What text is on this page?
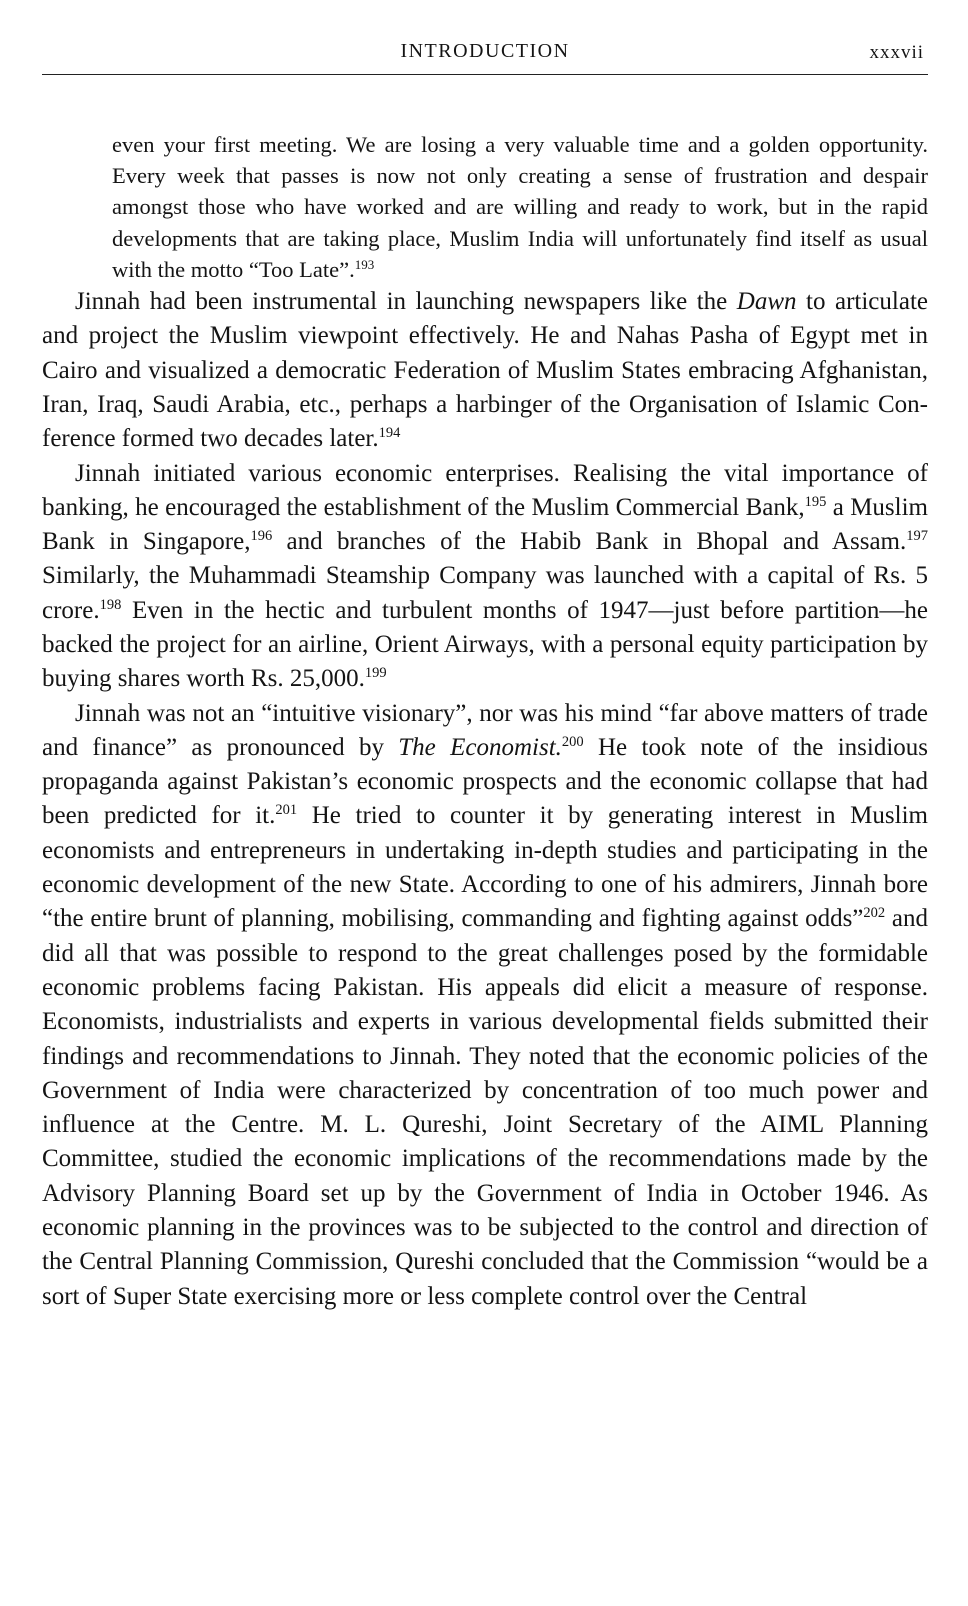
INTRODUCTION	xxxvii

even your first meeting. We are losing a very valuable time and a golden opportunity. Every week that passes is now not only creating a sense of frustration and despair amongst those who have worked and are willing and ready to work, but in the rapid developments that are taking place, Muslim India will unfortunately find itself as usual with the motto “Too Late”.$^{193}$

Jinnah had been instrumental in launching newspapers like the Dawn to articulate and project the Muslim viewpoint effectively. He and Nahas Pasha of Egypt met in Cairo and visualized a democratic Federation of Muslim States embracing Afghanistan, Iran, Iraq, Saudi Arabia, etc., perhaps a harbinger of the Organisation of Islamic Conference formed two decades later.$^{194}$

Jinnah initiated various economic enterprises. Realising the vital importance of banking, he encouraged the establishment of the Muslim Commercial Bank,$^{195}$ a Muslim Bank in Singapore,$^{196}$ and branches of the Habib Bank in Bhopal and Assam.$^{197}$ Similarly, the Muhammadi Steamship Company was launched with a capital of Rs. 5 crore.$^{198}$ Even in the hectic and turbulent months of 1947—just before partition—he backed the project for an airline, Orient Airways, with a personal equity participation by buying shares worth Rs. 25,000.$^{199}$

Jinnah was not an “intuitive visionary”, nor was his mind “far above matters of trade and finance” as pronounced by The Economist.$^{200}$ He took note of the insidious propaganda against Pakistan’s economic prospects and the economic collapse that had been predicted for it.$^{201}$ He tried to counter it by generating interest in Muslim economists and entrepreneurs in undertaking in-depth studies and participating in the economic development of the new State. According to one of his admirers, Jinnah bore “the entire brunt of planning, mobilising, commanding and fighting against odds”$^{202}$ and did all that was possible to respond to the great challenges posed by the formidable economic problems facing Pakistan. His appeals did elicit a measure of response. Economists, industrialists and experts in various developmental fields submitted their findings and recommendations to Jinnah. They noted that the economic policies of the Government of India were characterized by concentration of too much power and influence at the Centre. M. L. Qureshi, Joint Secretary of the AIML Planning Committee, studied the economic implications of the recommendations made by the Advisory Planning Board set up by the Government of India in October 1946. As economic planning in the provinces was to be subjected to the control and direction of the Central Planning Commission, Qureshi concluded that the Commission “would be a sort of Super State exercising more or less complete control over the Central
